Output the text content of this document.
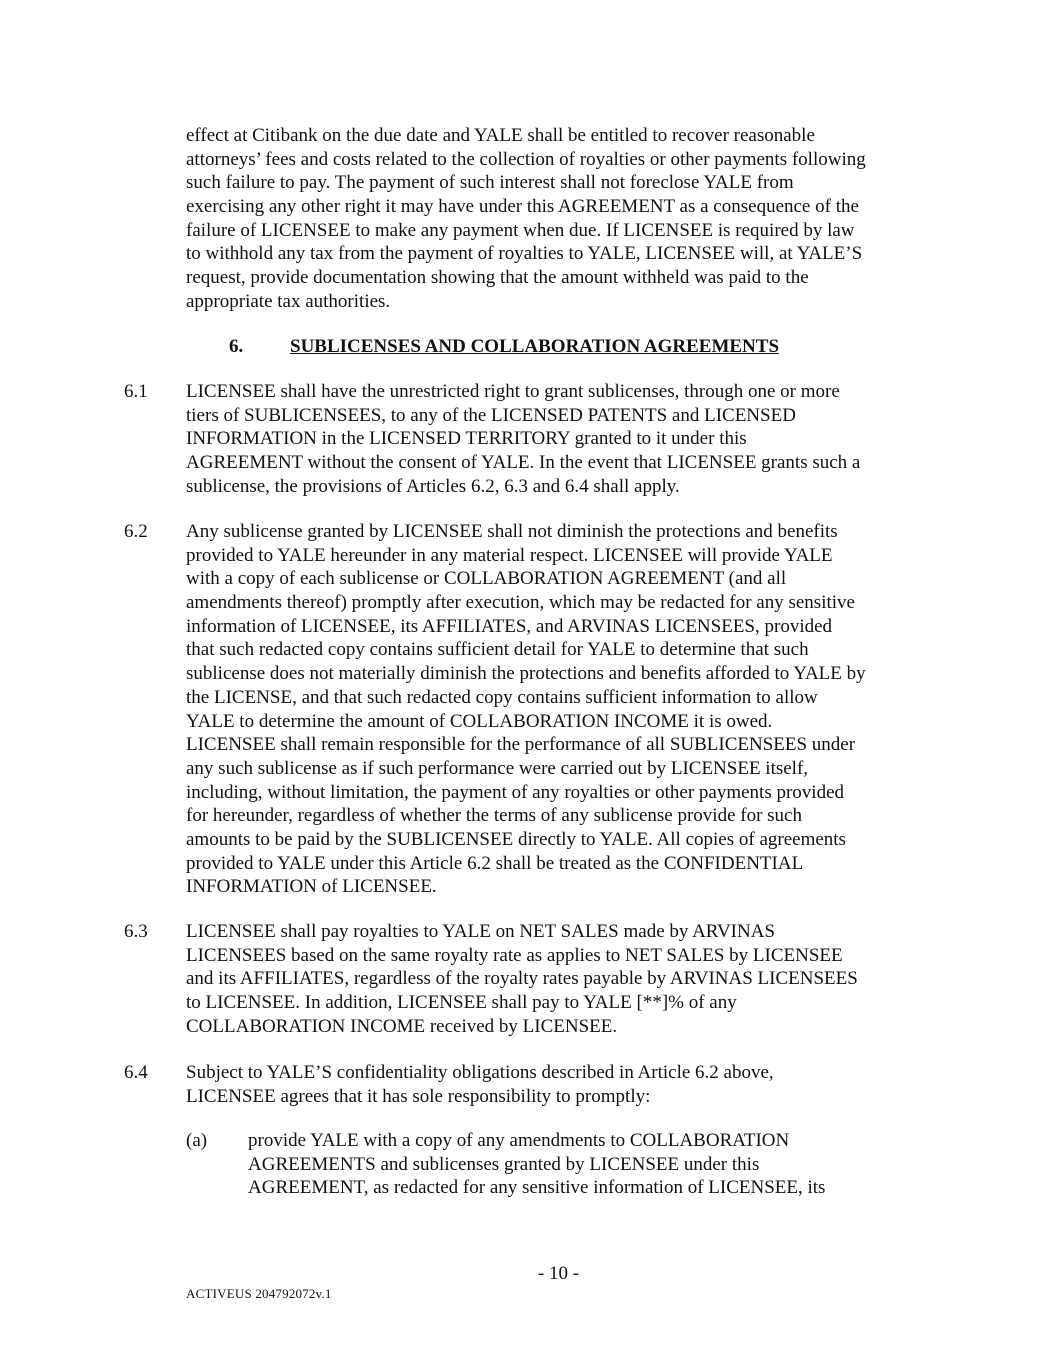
effect at Citibank on the due date and YALE shall be entitled to recover reasonable
attorneys’ fees and costs related to the collection of royalties or other payments following
such failure to pay. The payment of such interest shall not foreclose YALE from
exercising any other right it may have under this AGREEMENT as a consequence of the
failure of LICENSEE to make any payment when due. If LICENSEE is required by law
to withhold any tax from the payment of royalties to YALE, LICENSEE will, at YALE’S
request, provide documentation showing that the amount withheld was paid to the
appropriate tax authorities.
6. SUBLICENSES AND COLLABORATION AGREEMENTS
6.1 LICENSEE shall have the unrestricted right to grant sublicenses, through one or more
tiers of SUBLICENSEES, to any of the LICENSED PATENTS and LICENSED
INFORMATION in the LICENSED TERRITORY granted to it under this
AGREEMENT without the consent of YALE. In the event that LICENSEE grants such a
sublicense, the provisions of Articles 6.2, 6.3 and 6.4 shall apply.
6.2 Any sublicense granted by LICENSEE shall not diminish the protections and benefits
provided to YALE hereunder in any material respect. LICENSEE will provide YALE
with a copy of each sublicense or COLLABORATION AGREEMENT (and all
amendments thereof) promptly after execution, which may be redacted for any sensitive
information of LICENSEE, its AFFILIATES, and ARVINAS LICENSEES, provided
that such redacted copy contains sufficient detail for YALE to determine that such
sublicense does not materially diminish the protections and benefits afforded to YALE by
the LICENSE, and that such redacted copy contains sufficient information to allow
YALE to determine the amount of COLLABORATION INCOME it is owed.
LICENSEE shall remain responsible for the performance of all SUBLICENSEES under
any such sublicense as if such performance were carried out by LICENSEE itself,
including, without limitation, the payment of any royalties or other payments provided
for hereunder, regardless of whether the terms of any sublicense provide for such
amounts to be paid by the SUBLICENSEE directly to YALE. All copies of agreements
provided to YALE under this Article 6.2 shall be treated as the CONFIDENTIAL
INFORMATION of LICENSEE.
6.3 LICENSEE shall pay royalties to YALE on NET SALES made by ARVINAS
LICENSEES based on the same royalty rate as applies to NET SALES by LICENSEE
and its AFFILIATES, regardless of the royalty rates payable by ARVINAS LICENSEES
to LICENSEE. In addition, LICENSEE shall pay to YALE [**]% of any
COLLABORATION INCOME received by LICENSEE.
6.4 Subject to YALE’S confidentiality obligations described in Article 6.2 above,
LICENSEE agrees that it has sole responsibility to promptly:
(a) provide YALE with a copy of any amendments to COLLABORATION
AGREEMENTS and sublicenses granted by LICENSEE under this
AGREEMENT, as redacted for any sensitive information of LICENSEE, its
- 10 -
ACTIVEUS 204792072v.1
